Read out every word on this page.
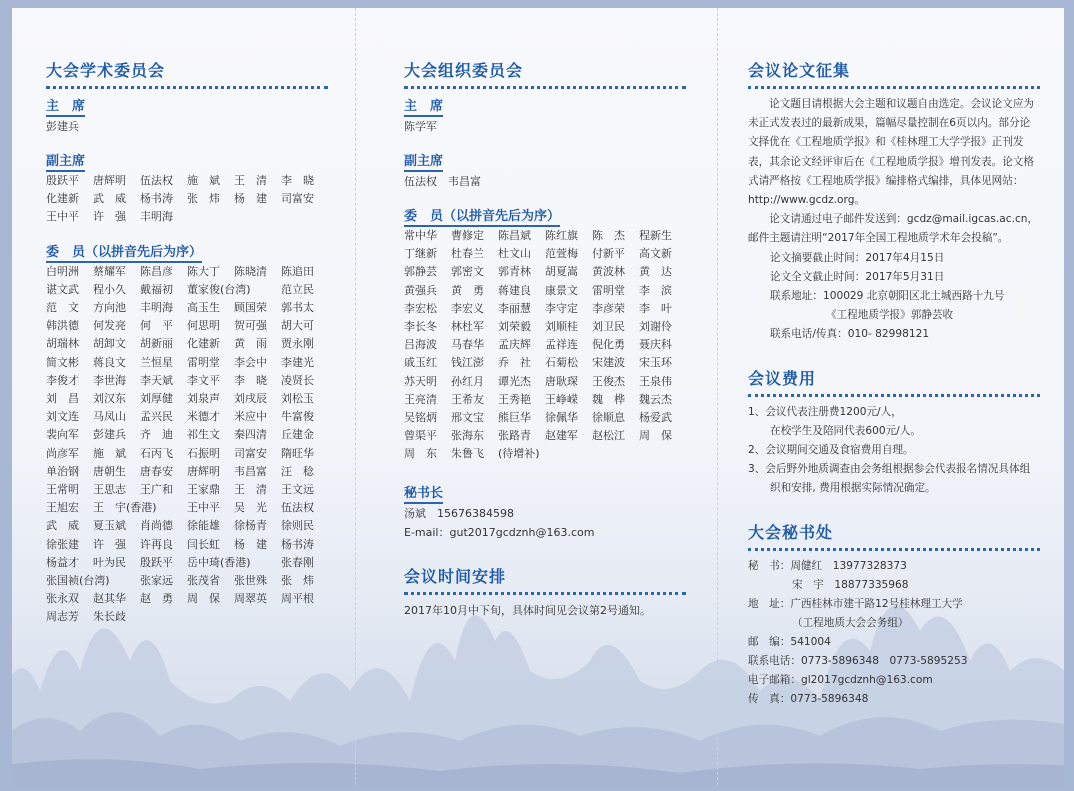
大会学术委员会
主　席
彭建兵
副主席
殷跃平	唐辉明	伍法权	施　斌	王　清	李　晓
化建新	武　威	杨书涛	张　炜	杨　建	司富安
王中平	许　强	丰明海
委　员（以拼音先后为序）
白明洲	蔡耀军	陈昌彦	陈大丁	陈晓清	陈追田
谌文武	程小久	戴福初	董家俊(台湾)	范立民
范　文	方向池	丰明海	高玉生	顾国荣	郭书太
韩洪德	何发亮	何　平	何思明	贺可强	胡大可
胡瑞林	胡卸文	胡新丽	化建新	黄　雨	贾永刚
简文彬	蒋良文	兰恒星	雷明堂	李会中	李建光
李俊才	李世海	李天斌	李文平	李　晓	凌贤长
刘　昌	刘汉东	刘厚健	刘泉声	刘戌辰	刘松玉
刘文连	马凤山	孟兴民	米德才	米应中	牛富俊
裴向军	彭建兵	齐　迪	祁生文	秦四清	丘建金
尚彦军	施　斌	石丙飞	石振明	司富安	隋旺华
单治钢	唐朝生	唐春安	唐辉明	韦昌富	汪　稔
王常明	王思志	王广和	王家鼎	王　清	王文远
王旭宏	王　宇(香港)	王中平	吴　光	伍法权
武　威	夏玉斌	肖尚德	徐能雄	徐杨青	徐则民
徐张建	许　强	许再良	闫长虹	杨　建	杨书涛
杨益才	叶为民	殷跃平	岳中琦(香港)	张春刚
张国祯(台湾)	张家远	张茂省	张世殊	张　炜
张永双	赵其华	赵　勇	周　保	周翠英	周平根
周志芳	朱长歧
大会组织委员会
主　席
陈学军
副主席
伍法权　韦昌富
委　员（以拼音先后为序）
常中华	曹修定	陈昌斌	陈红旗	陈　杰	程新生
丁继新	杜春兰	杜文山	范萱梅	付新平	高文新
郭静芸	郭密文	郭青林	胡夏嵩	黄波林	黄　达
黄强兵	黄　勇	蒋建良	康景文	雷明堂	李　滨
李宏松	李宏义	李丽慧	李守定	李彦荣	李　叶
李长冬	林杜军	刘荣毅	刘顺桂	刘卫民	刘谢伶
吕海波	马春华	孟庆辉	孟祥连	倪化勇	聂庆科
戚玉红	钱江澎	乔　社	石菊松	宋建波	宋玉环
苏天明	孙红月	谭光杰	唐耿琛	王俊杰	王泉伟
王亮清	王希友	王秀艳	王峥嵘	魏　桦	魏云杰
吴铭炳	邢文宝	熊巨华	徐佩华	徐顺息	杨爱武
曾渠平	张海东	张路青	赵建军	赵松江	周　保
周　东	朱鲁飞	(待增补)
秘书长
汤斌　15676384598
E-mail：gut2017gcdznh@163.com
会议时间安排
2017年10月中下旬，具体时间见会议第2号通知。
会议论文征集

论文题目请根据大会主题和议题自由选定。会议论文应为未正式发表过的最新成果，篇幅尽量控制在6页以内。部分论文择优在《工程地质学报》和《桂林理工大学学报》正刊发表，其余论文经评审后在《工程地质学报》增刊发表。论文格式请严格按《工程地质学报》编排格式编排，具体见网站：http://www.gcdz.org。

论文请通过电子邮件发送到：gcdz@mail.igcas.ac.cn，邮件主题请注明“2017年全国工程地质学术年会投稿”。

论文摘要截止时间：2017年4月15日

论文全文截止时间：2017年5月31日

联系地址：100029 北京朝阳区北土城西路十九号

《工程地质学报》郭静芸收

联系电话/传真：010- 82998121

会议费用

1、会议代表注册费1200元/人，

在校学生及陪同代表600元/人。

2、会议期间交通及食宿费用自理。

3、会后野外地质调查由会务组根据参会代表报名情况具体组

织和安排, 费用根据实际情况确定。

大会秘书处

秘　书：周健红　13977328373

宋　宇　18877335968

地　址：广西桂林市建干路12号桂林理工大学

（工程地质大会会务组）

邮　编：541004

联系电话：0773-5896348　0773-5895253

电子邮箱：gl2017gcdznh@163.com

传　真：0773-5896348
